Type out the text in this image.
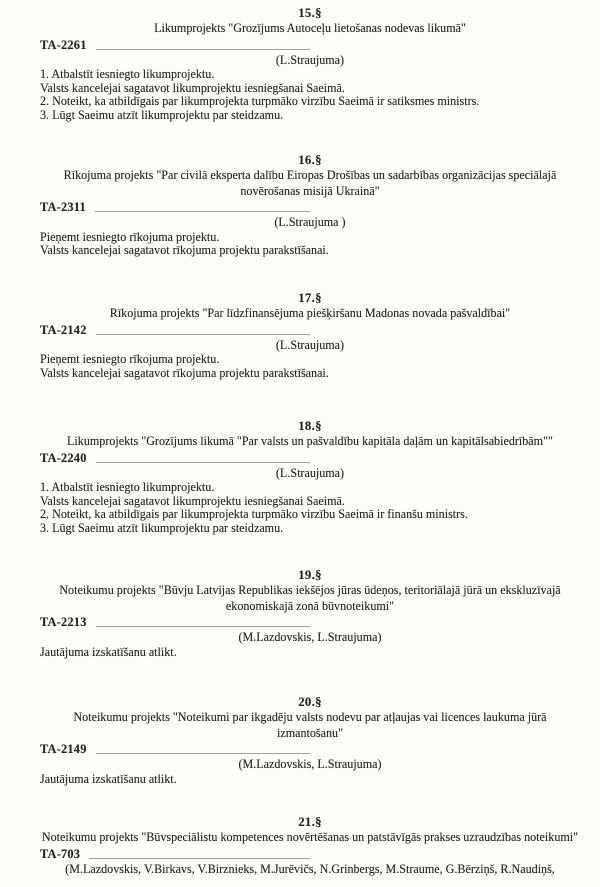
15.§
Likumprojekts "Grozījums Autoceļu lietošanas nodevas likumā"
TA-2261
(L.Straujuma)
1. Atbalstīt iesniegto likumprojektu.
Valsts kancelejai sagatavot likumprojektu iesniegšanai Saeimā.
2. Noteikt, ka atbildīgais par likumprojekta turpmāko virzību Saeimā ir satiksmes ministrs.
3. Lūgt Saeimu atzīt likumprojektu par steidzamu.
16.§
Rīkojuma projekts "Par civilā eksperta dalību Eiropas Drošības un sadarbības organizācijas speciālajā
novērošanas misijā Ukrainā"
TA-2311
(L.Straujuma )
Pieņemt iesniegto rīkojuma projektu.
Valsts kancelejai sagatavot rīkojuma projektu parakstīšanai.
17.§
Rīkojuma projekts "Par līdzfinansējuma piešķiršanu Madonas novada pašvaldībai"
TA-2142
(L.Straujuma)
Pieņemt iesniegto rīkojuma projektu.
Valsts kancelejai sagatavot rīkojuma projektu parakstīšanai.
18.§
Likumprojekts "Grozījums likumā "Par valsts un pašvaldību kapitāla daļām un kapitālsabiedrībām""
TA-2240
(L.Straujuma)
1. Atbalstīt iesniegto likumprojektu.
Valsts kancelejai sagatavot likumprojektu iesniegšanai Saeimā.
2. Noteikt, ka atbildīgais par likumprojekta turpmāko virzību Saeimā ir finanšu ministrs.
3. Lūgt Saeimu atzīt likumprojektu par steidzamu.
19.§
Noteikumu projekts "Būvju Latvijas Republikas iekšējos jūras ūdeņos, teritoriālajā jūrā un ekskluzīvajā
ekonomiskajā zonā būvnoteikumi"
TA-2213
(M.Lazdovskis, L.Straujuma)
Jautājuma izskatīšanu atlikt.
20.§
Noteikumu projekts "Noteikumi par ikgadēju valsts nodevu par atļaujas vai licences laukuma jūrā
izmantošanu"
TA-2149
(M.Lazdovskis, L.Straujuma)
Jautājuma izskatīšanu atlikt.
21.§
Noteikumu projekts "Būvspeciālistu kompetences novērtēšanas un patstāvīgās prakses uzraudzības noteikumi"
TA-703
(M.Lazdovskis, V.Birkavs, V.Birznieks, M.Jurēvičs, N.Grinbergs, M.Straume, G.Bērziņš, R.Naudiņš,
